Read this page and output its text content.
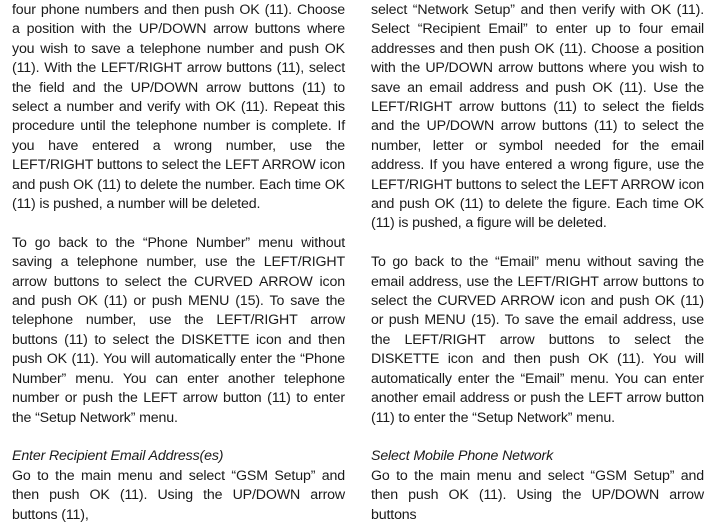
four phone numbers and then push OK (11). Choose a position with the UP/DOWN arrow buttons where you wish to save a telephone number and push OK (11). With the LEFT/RIGHT arrow buttons (11), select the field and the UP/DOWN arrow buttons (11) to select a number and verify with OK (11). Repeat this procedure until the telephone number is complete. If you have entered a wrong number, use the LEFT/RIGHT buttons to select the LEFT ARROW icon and push OK (11) to delete the number. Each time OK (11) is pushed, a number will be deleted.

To go back to the “Phone Number” menu without saving a telephone number, use the LEFT/RIGHT arrow buttons to select the CURVED ARROW icon and push OK (11) or push MENU (15). To save the telephone number, use the LEFT/RIGHT arrow buttons (11) to select the DISKETTE icon and then push OK (11). You will automatically enter the “Phone Number” menu. You can enter another telephone number or push the LEFT arrow button (11) to enter the “Setup Network” menu.

Enter Recipient Email Address(es)

Go to the main menu and select “GSM Setup” and then push OK (11). Using the UP/DOWN arrow buttons (11),

select “Network Setup” and then verify with OK (11). Select “Recipient Email” to enter up to four email addresses and then push OK (11). Choose a position with the UP/DOWN arrow buttons where you wish to save an email address and push OK (11). Use the LEFT/RIGHT arrow buttons (11) to select the fields and the UP/DOWN arrow buttons (11) to select the number, letter or symbol needed for the email address. If you have entered a wrong figure, use the LEFT/RIGHT buttons to select the LEFT ARROW icon and push OK (11) to delete the figure. Each time OK (11) is pushed, a figure will be deleted.

To go back to the “Email” menu without saving the email address, use the LEFT/RIGHT arrow buttons to select the CURVED ARROW icon and push OK (11) or push MENU (15). To save the email address, use the LEFT/RIGHT arrow buttons to select the DISKETTE icon and then push OK (11). You will automatically enter the “Email” menu. You can enter another email address or push the LEFT arrow button (11) to enter the “Setup Network” menu.

Select Mobile Phone Network

Go to the main menu and select “GSM Setup” and then push OK (11). Using the UP/DOWN arrow buttons
